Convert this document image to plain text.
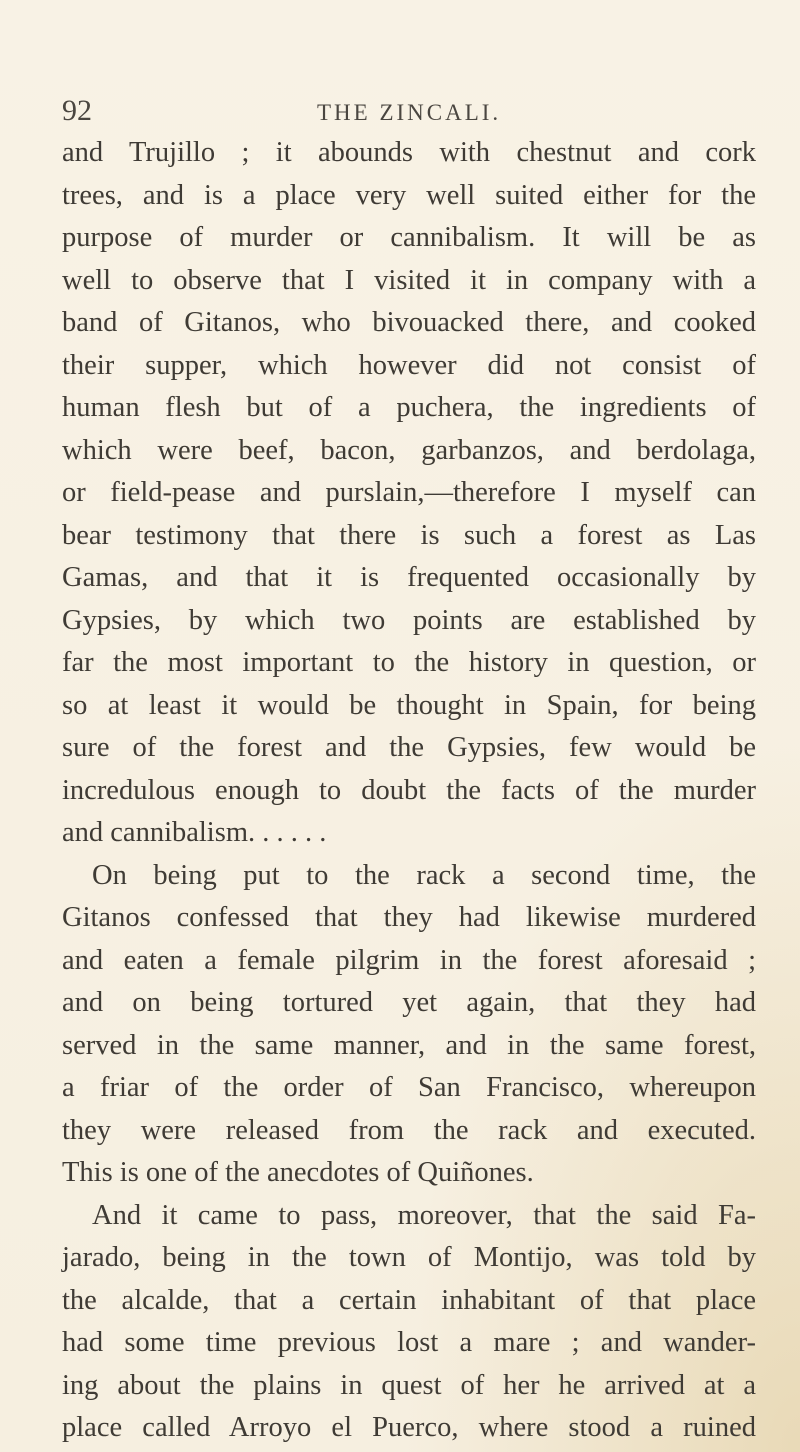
92	THE ZINCALI.
and Trujillo ; it abounds with chestnut and cork
trees, and is a place very well suited either for the
purpose of murder or cannibalism. It will be as
well to observe that I visited it in company with a
band of Gitanos, who bivouacked there, and cooked
their supper, which however did not consist of
human flesh but of a puchera, the ingredients of
which were beef, bacon, garbanzos, and berdolaga,
or field-pease and purslain,—therefore I myself can
bear testimony that there is such a forest as Las
Gamas, and that it is frequented occasionally by
Gypsies, by which two points are established by
far the most important to the history in question, or
so at least it would be thought in Spain, for being
sure of the forest and the Gypsies, few would be
incredulous enough to doubt the facts of the murder
and cannibalism. . . . . .
On being put to the rack a second time, the
Gitanos confessed that they had likewise murdered
and eaten a female pilgrim in the forest aforesaid ;
and on being tortured yet again, that they had
served in the same manner, and in the same forest,
a friar of the order of San Francisco, whereupon
they were released from the rack and executed.
This is one of the anecdotes of Quiñones.
And it came to pass, moreover, that the said Fa-
jarado, being in the town of Montijo, was told by
the alcalde, that a certain inhabitant of that place
had some time previous lost a mare ; and wander-
ing about the plains in quest of her he arrived at a
place called Arroyo el Puerco, where stood a ruined
